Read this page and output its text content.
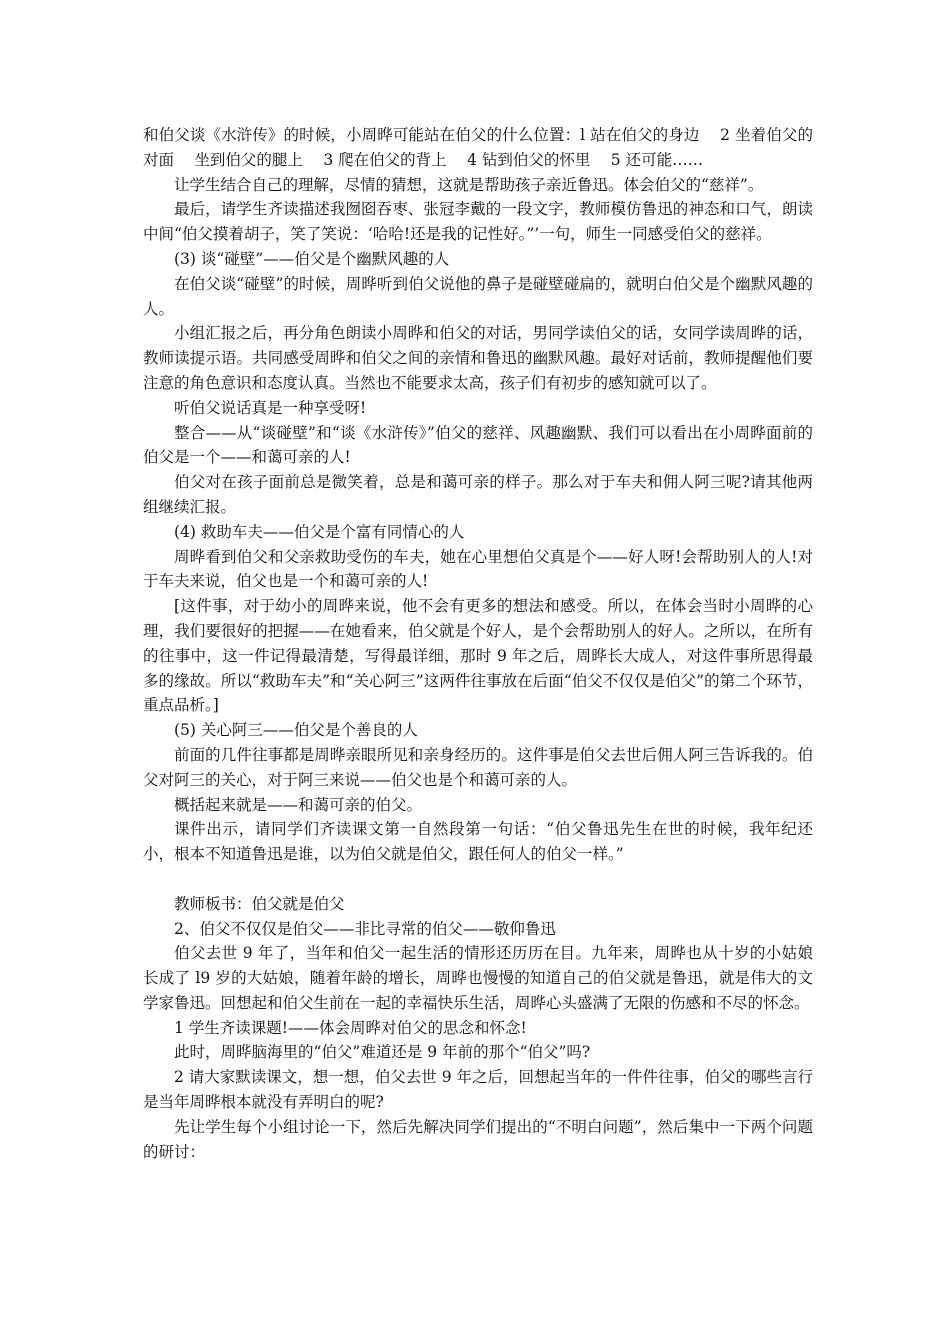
和伯父谈《水浒传》的时候，小周晔可能站在伯父的什么位置：l 站在伯父的身边　 2 坐着伯父的对面　 坐到伯父的腿上　 3 爬在伯父的背上　 4 钻到伯父的怀里　 5 还可能……

让学生结合自己的理解，尽情的猜想，这就是帮助孩子亲近鲁迅。体会伯父的“慈祥”。

最后，请学生齐读描述我囫囵吞枣、张冠李戴的一段文字，教师模仿鲁迅的神态和口气，朗读中间“伯父摸着胡子，笑了笑说：‘哈哈!还是我的记性好。”’一句，师生一同感受伯父的慈祥。

(3) 谈“碰壁”——伯父是个幽默风趣的人

在伯父谈“碰壁”的时候，周晔听到伯父说他的鼻子是碰壁碰扁的，就明白伯父是个幽默风趣的人。

小组汇报之后，再分角色朗读小周晔和伯父的对话，男同学读伯父的话，女同学读周晔的话，教师读提示语。共同感受周晔和伯父之间的亲情和鲁迅的幽默风趣。最好对话前，教师提醒他们要注意的角色意识和态度认真。当然也不能要求太高，孩子们有初步的感知就可以了。

听伯父说话真是一种享受呀!

整合——从“谈碰壁”和“谈《水浒传》”伯父的慈祥、风趣幽默、我们可以看出在小周晔面前的伯父是一个——和蔼可亲的人!

伯父对在孩子面前总是微笑着，总是和蔼可亲的样子。那么对于车夫和佣人阿三呢?请其他两组继续汇报。

(4) 救助车夫——伯父是个富有同情心的人

周晔看到伯父和父亲救助受伤的车夫，她在心里想伯父真是个——好人呀!会帮助别人的人!对于车夫来说，伯父也是一个和蔼可亲的人!

[这件事，对于幼小的周晔来说，他不会有更多的想法和感受。所以，在体会当时小周晔的心理，我们要很好的把握——在她看来，伯父就是个好人，是个会帮助别人的好人。之所以，在所有的往事中，这一件记得最清楚，写得最详细，那时 9 年之后，周晔长大成人，对这件事所思得最多的缘故。所以“救助车夫”和“关心阿三”这两件往事放在后面“伯父不仅仅是伯父”的第二个环节，重点品析。]

(5) 关心阿三——伯父是个善良的人

前面的几件往事都是周晔亲眼所见和亲身经历的。这件事是伯父去世后佣人阿三告诉我的。伯父对阿三的关心，对于阿三来说——伯父也是个和蔼可亲的人。

概括起来就是——和蔼可亲的伯父。

课件出示，请同学们齐读课文第一自然段第一句话：“伯父鲁迅先生在世的时候，我年纪还小，根本不知道鲁迅是谁，以为伯父就是伯父，跟任何人的伯父一样。”

教师板书：伯父就是伯父

2、伯父不仅仅是伯父——非比寻常的伯父——敬仰鲁迅

伯父去世 9 年了，当年和伯父一起生活的情形还历历在目。九年来，周晔也从十岁的小姑娘长成了 l9 岁的大姑娘，随着年龄的增长，周晔也慢慢的知道自己的伯父就是鲁迅，就是伟大的文学家鲁迅。回想起和伯父生前在一起的幸福快乐生活，周晔心头盛满了无限的伤感和不尽的怀念。

1 学生齐读课题!——体会周晔对伯父的思念和怀念!

此时，周晔脑海里的“伯父”难道还是 9 年前的那个“伯父”吗?

2 请大家默读课文，想一想，伯父去世 9 年之后，回想起当年的一件件往事，伯父的哪些言行是当年周晔根本就没有弄明白的呢?

先让学生每个小组讨论一下，然后先解决同学们提出的“不明白问题”，然后集中一下两个问题的研讨：
